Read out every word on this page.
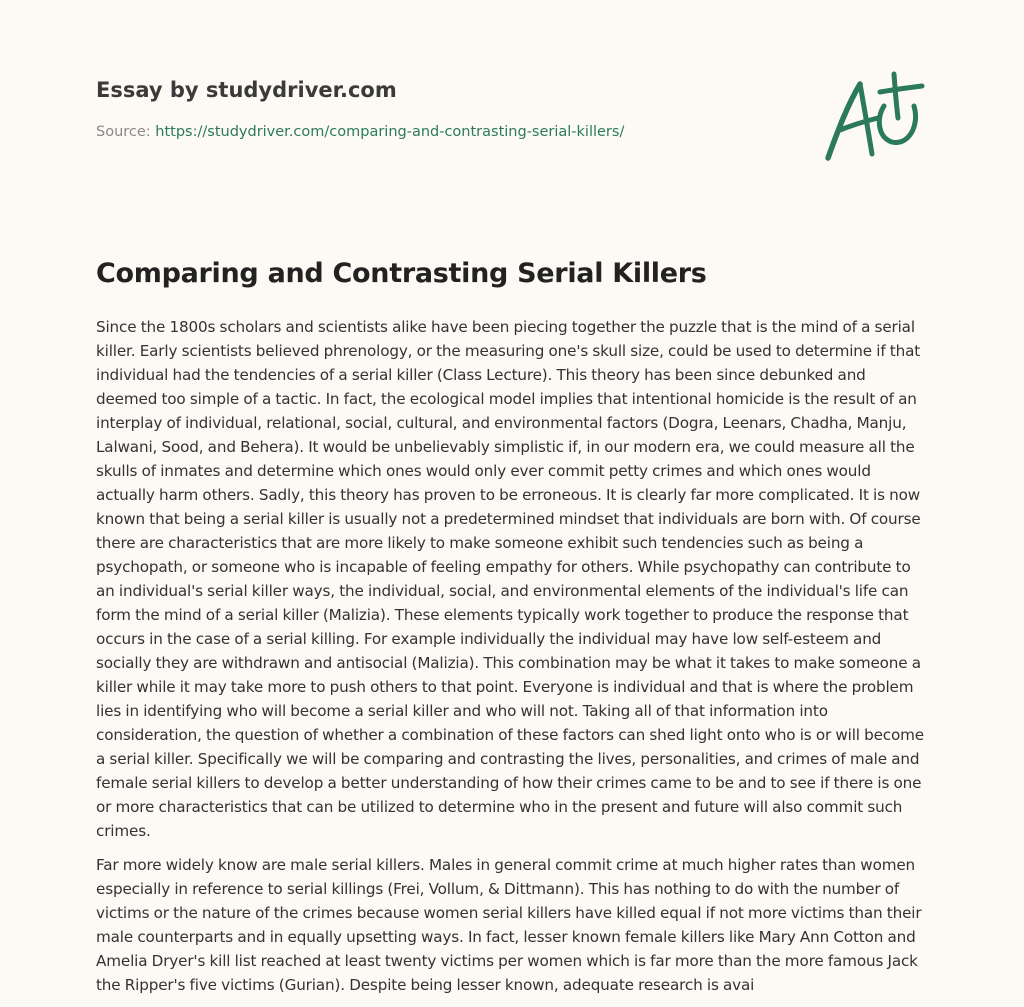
Essay by studydriver.com
Source: https://studydriver.com/comparing-and-contrasting-serial-killers/
Comparing and Contrasting Serial Killers

Since the 1800s scholars and scientists alike have been piecing together the puzzle that is the mind of a serial killer. Early scientists believed phrenology, or the measuring one's skull size, could be used to determine if that individual had the tendencies of a serial killer (Class Lecture). This theory has been since debunked and deemed too simple of a tactic. In fact, the ecological model implies that intentional homicide is the result of an interplay of individual, relational, social, cultural, and environmental factors (Dogra, Leenars, Chadha, Manju, Lalwani, Sood, and Behera). It would be unbelievably simplistic if, in our modern era, we could measure all the skulls of inmates and determine which ones would only ever commit petty crimes and which ones would actually harm others. Sadly, this theory has proven to be erroneous. It is clearly far more complicated. It is now known that being a serial killer is usually not a predetermined mindset that individuals are born with. Of course there are characteristics that are more likely to make someone exhibit such tendencies such as being a psychopath, or someone who is incapable of feeling empathy for others. While psychopathy can contribute to an individual's serial killer ways, the individual, social, and environmental elements of the individual's life can form the mind of a serial killer (Malizia). These elements typically work together to produce the response that occurs in the case of a serial killing. For example individually the individual may have low self-esteem and socially they are withdrawn and antisocial (Malizia). This combination may be what it takes to make someone a killer while it may take more to push others to that point. Everyone is individual and that is where the problem lies in identifying who will become a serial killer and who will not. Taking all of that information into consideration, the question of whether a combination of these factors can shed light onto who is or will become a serial killer. Specifically we will be comparing and contrasting the lives, personalities, and crimes of male and female serial killers to develop a better understanding of how their crimes came to be and to see if there is one or more characteristics that can be utilized to determine who in the present and future will also commit such crimes.

Far more widely know are male serial killers. Males in general commit crime at much higher rates than women especially in reference to serial killings (Frei, Vollum, & Dittmann). This has nothing to do with the number of victims or the nature of the crimes because women serial killers have killed equal if not more victims than their male counterparts and in equally upsetting ways. In fact, lesser known female killers like Mary Ann Cotton and Amelia Dryer's kill list reached at least twenty victims per women which is far more than the more famous Jack the Ripper's five victims (Gurian). Despite being lesser known, adequate research is avai
